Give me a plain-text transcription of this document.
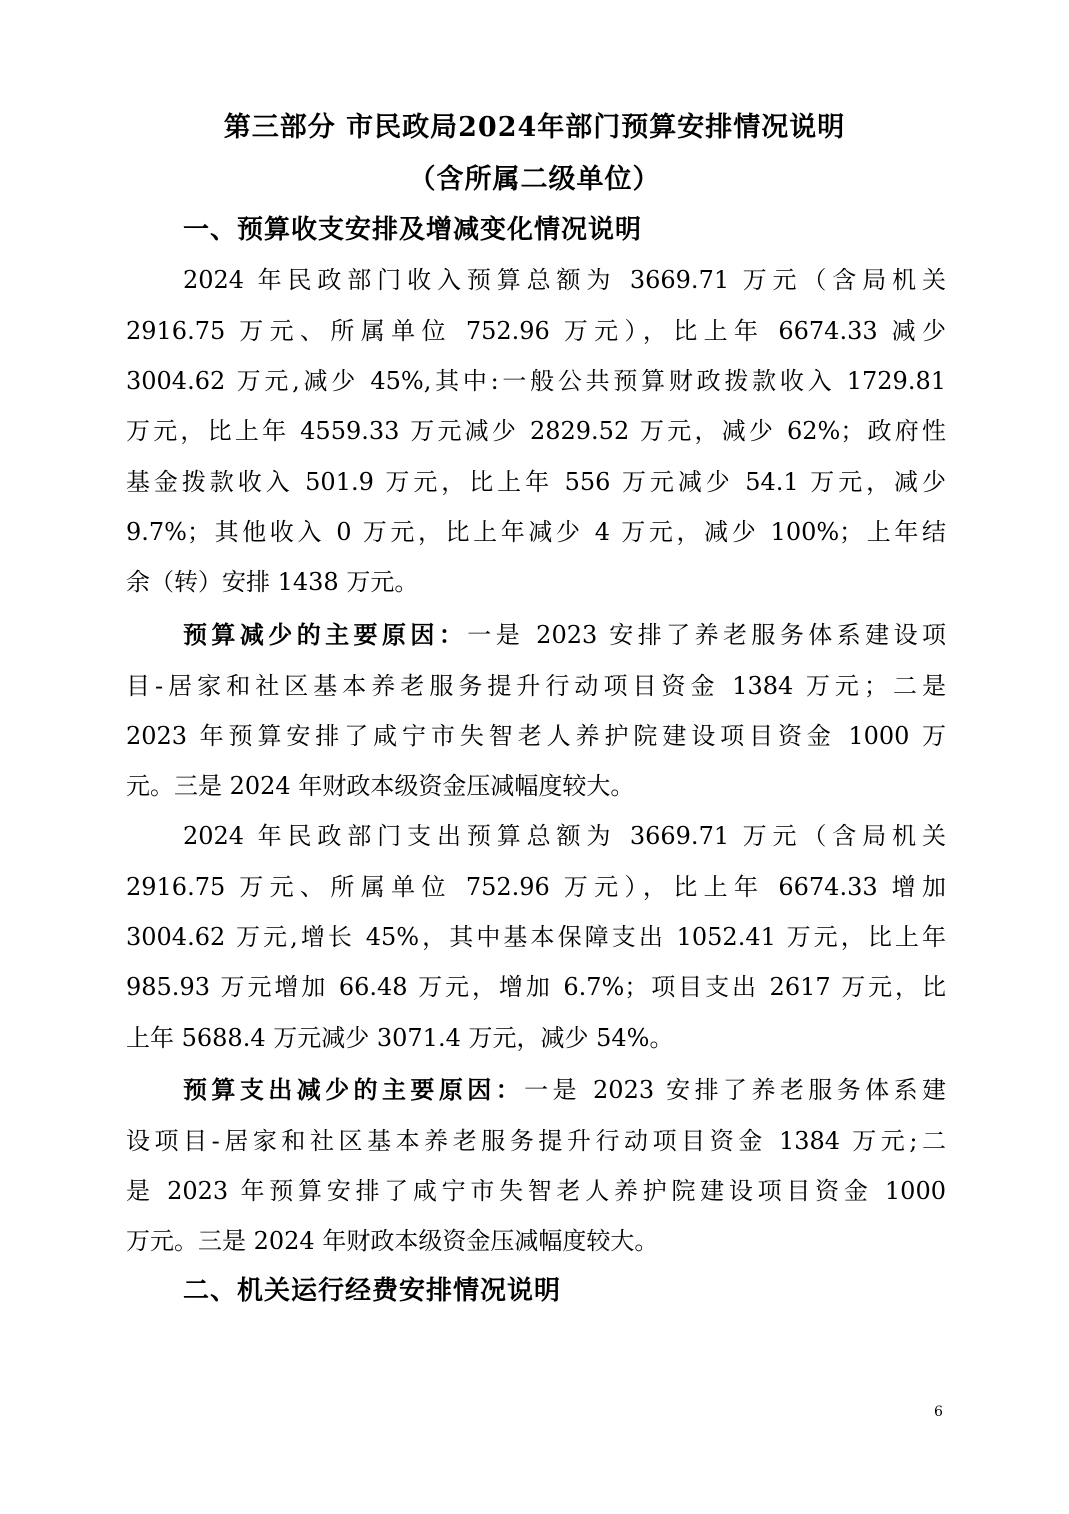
第三部分 市民政局2024年部门预算安排情况说明
（含所属二级单位）
一、预算收支安排及增减变化情况说明
2024 年民政部门收入预算总额为 3669.71 万元（含局机关
2916.75 万元、所属单位 752.96 万元），比上年 6674.33 减少
3004.62 万元,减少 45%,其中:一般公共预算财政拨款收入 1729.81
万元，比上年 4559.33 万元减少 2829.52 万元，减少 62%；政府性
基金拨款收入 501.9 万元，比上年 556 万元减少 54.1 万元，减少
9.7%；其他收入 0 万元，比上年减少 4 万元，减少 100%；上年结
余（转）安排 1438 万元。
预算减少的主要原因：一是 2023 安排了养老服务体系建设项
目-居家和社区基本养老服务提升行动项目资金 1384 万元；二是
2023 年预算安排了咸宁市失智老人养护院建设项目资金 1000 万
元。三是 2024 年财政本级资金压减幅度较大。
2024 年民政部门支出预算总额为 3669.71 万元（含局机关
2916.75 万元、所属单位 752.96 万元），比上年 6674.33 增加
3004.62 万元,增长 45%，其中基本保障支出 1052.41 万元，比上年
985.93 万元增加 66.48 万元，增加 6.7%；项目支出 2617 万元，比
上年 5688.4 万元减少 3071.4 万元，减少 54%。
预算支出减少的主要原因：一是 2023 安排了养老服务体系建
设项目-居家和社区基本养老服务提升行动项目资金 1384 万元;二
是 2023 年预算安排了咸宁市失智老人养护院建设项目资金 1000
万元。三是 2024 年财政本级资金压减幅度较大。
二、机关运行经费安排情况说明
6
